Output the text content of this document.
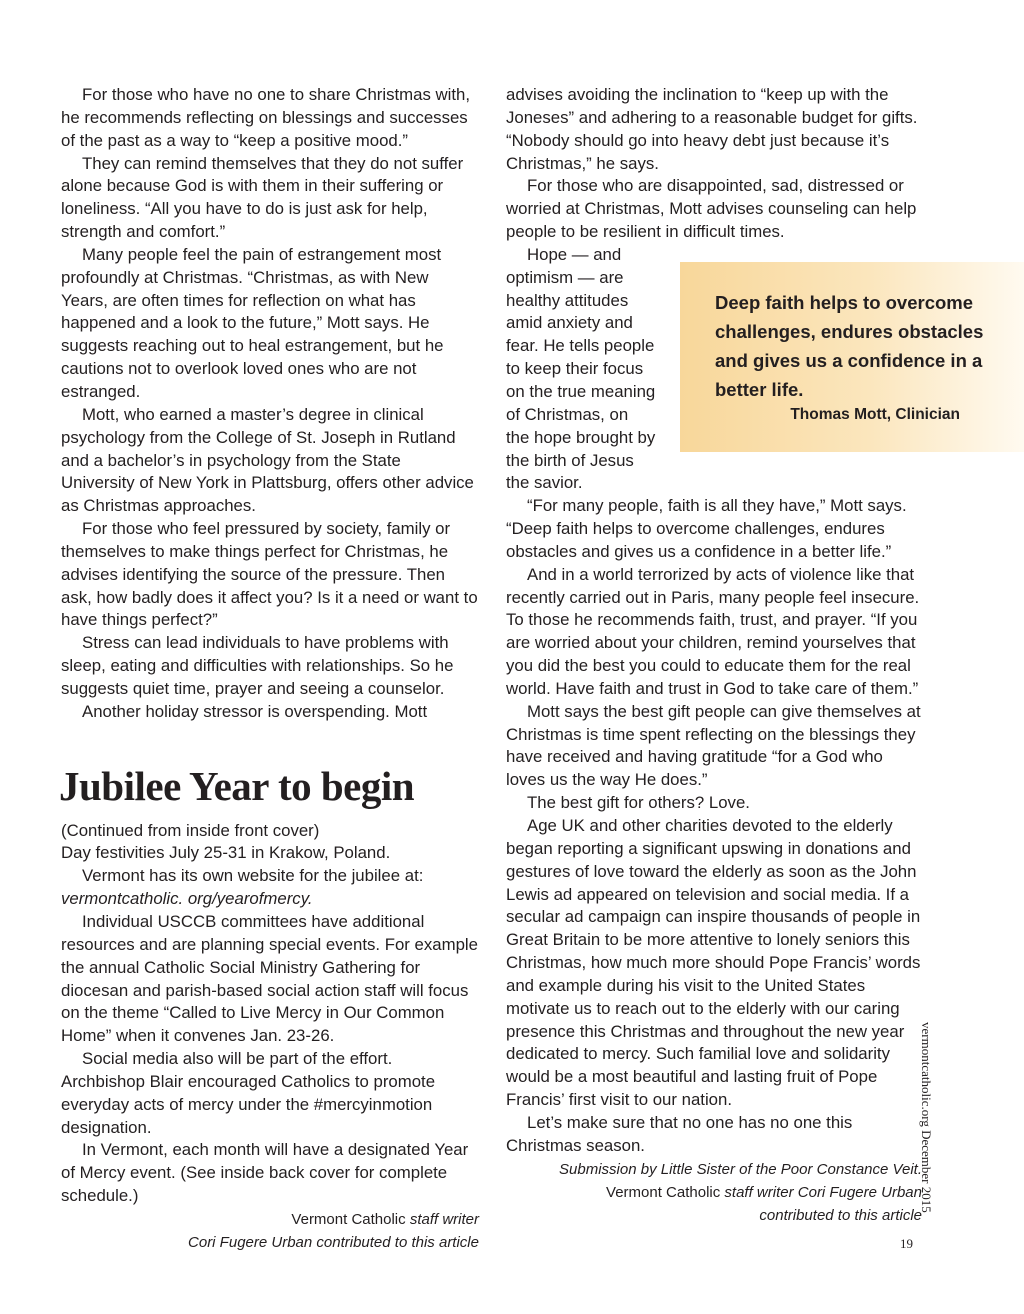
For those who have no one to share Christmas with, he recommends reflecting on blessings and successes of the past as a way to “keep a positive mood.”

They can remind themselves that they do not suffer alone because God is with them in their suffering or loneliness. “All you have to do is just ask for help, strength and comfort.”

Many people feel the pain of estrangement most profoundly at Christmas. “Christmas, as with New Years, are often times for reflection on what has happened and a look to the future,” Mott says. He suggests reaching out to heal estrangement, but he cautions not to overlook loved ones who are not estranged.

Mott, who earned a master’s degree in clinical psychology from the College of St. Joseph in Rutland and a bachelor’s in psychology from the State University of New York in Plattsburg, offers other advice as Christmas approaches.

For those who feel pressured by society, family or themselves to make things perfect for Christmas, he advises identifying the source of the pressure. Then ask, how badly does it affect you? Is it a need or want to have things perfect?”

Stress can lead individuals to have problems with sleep, eating and difficulties with relationships. So he suggests quiet time, prayer and seeing a counselor.

Another holiday stressor is overspending. Mott

Jubilee Year to begin

(Continued from inside front cover)

Day festivities July 25-31 in Krakow, Poland.

Vermont has its own website for the jubilee at: vermontcatholic. org/yearofmercy.

Individual USCCB committees have additional resources and are planning special events. For example the annual Catholic Social Ministry Gathering for diocesan and parish-based social action staff will focus on the theme “Called to Live Mercy in Our Common Home” when it convenes Jan. 23-26.

Social media also will be part of the effort. Archbishop Blair encouraged Catholics to promote everyday acts of mercy under the #mercyinmotion designation.

In Vermont, each month will have a designated Year of Mercy event. (See inside back cover for complete schedule.)

Vermont Catholic staff writer
Cori Fugere Urban contributed to this article

advises avoiding the inclination to “keep up with the Joneses” and adhering to a reasonable budget for gifts. “Nobody should go into heavy debt just because it’s Christmas,” he says.

For those who are disappointed, sad, distressed or worried at Christmas, Mott advises counseling can help people to be resilient in difficult times.

Hope — and optimism — are healthy attitudes amid anxiety and fear. He tells people to keep their focus on the true meaning of Christmas, on the hope brought by the birth of Jesus the savior.

“For many people, faith is all they have,” Mott says. “Deep faith helps to overcome challenges, endures obstacles and gives us a confidence in a better life.”

And in a world terrorized by acts of violence like that recently carried out in Paris, many people feel insecure. To those he recommends faith, trust, and prayer. “If you are worried about your children, remind yourselves that you did the best you could to educate them for the real world. Have faith and trust in God to take care of them.”

Mott says the best gift people can give themselves at Christmas is time spent reflecting on the blessings they have received and having gratitude “for a God who loves us the way He does.”

The best gift for others? Love.

Age UK and other charities devoted to the elderly began reporting a significant upswing in donations and gestures of love toward the elderly as soon as the John Lewis ad appeared on television and social media. If a secular ad campaign can inspire thousands of people in Great Britain to be more attentive to lonely seniors this Christmas, how much more should Pope Francis’ words and example during his visit to the United States motivate us to reach out to the elderly with our caring presence this Christmas and throughout the new year dedicated to mercy. Such familial love and solidarity would be a most beautiful and lasting fruit of Pope Francis’ first visit to our nation.

Let’s make sure that no one has no one this Christmas season.

Submission by Little Sister of the Poor Constance Veit.
Vermont Catholic staff writer Cori Fugere Urban
contributed to this article
Deep faith helps to overcome challenges, endures obstacles and gives us a confidence in a better life.
Thomas Mott, Clinician
vermontcatholic.org December 2015
19
